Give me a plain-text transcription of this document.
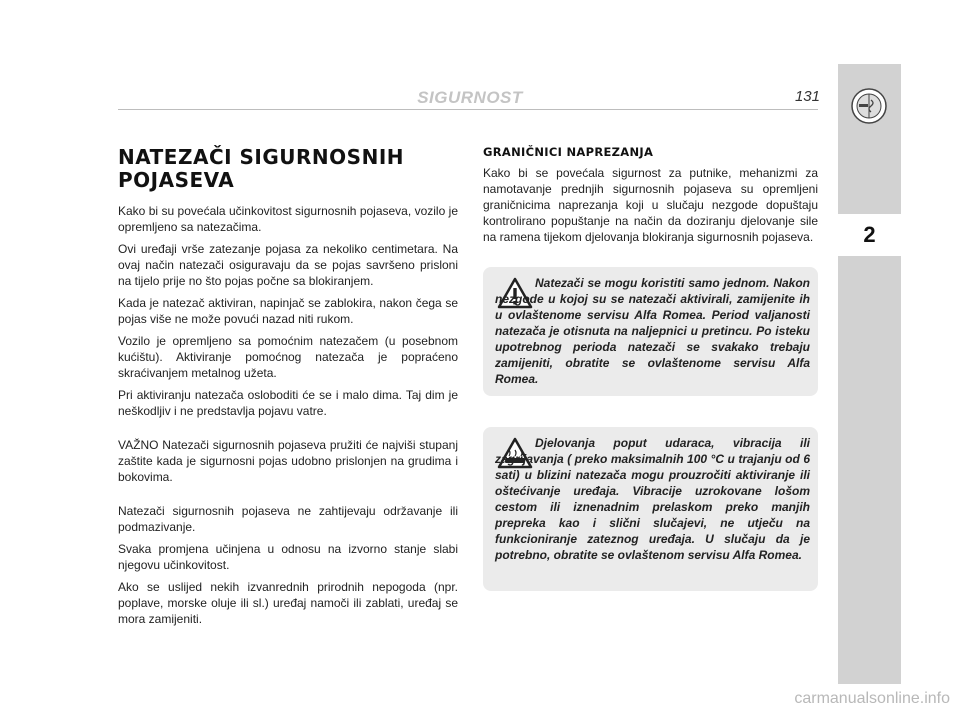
SIGURNOST	131
2
NATEZAČI SIGURNOSNIH POJASEVA

Kako bi su povećala učinkovitost sigurnosnih pojaseva, vozilo je opremljeno sa natezačima.

Ovi uređaji vrše zatezanje pojasa za nekoliko centimetara. Na ovaj način natezači osiguravaju da se pojas savršeno prisloni na tijelo prije no što pojas počne sa blokiranjem.

Kada je natezač aktiviran, napinjač se zablokira, nakon čega se pojas više ne može povući nazad niti rukom.

Vozilo je opremljeno sa pomoćnim natezačem (u posebnom kućištu). Aktiviranje pomoćnog natezača je popraćeno skraćivanjem metalnog užeta.

Pri aktiviranju natezača osloboditi će se i malo dima. Taj dim je neškodljiv i ne predstavlja pojavu vatre.

VAŽNO Natezači sigurnosnih pojaseva pružiti će najviši stupanj zaštite kada je sigurnosni pojas udobno prislonjen na grudima i bokovima.

Natezači sigurnosnih pojaseva ne zahtijevaju održavanje ili podmazivanje.

Svaka promjena učinjena u odnosu na izvorno stanje slabi njegovu učinkovitost.

Ako se uslijed nekih izvanrednih prirodnih nepogoda (npr. poplave, morske oluje ili sl.) uređaj namoči ili zablati, uređaj se mora zamijeniti.

GRANIČNICI NAPREZANJA

Kako bi se povećala sigurnost za putnike, mehanizmi za namotavanje prednjih sigurnosnih pojaseva su opremljeni graničnicima naprezanja koji u slučaju nezgode dopuštaju kontrolirano popuštanje na način da doziranju djelovanje sile na ramena tijekom djelovanja blokiranja sigurnosnih pojaseva.

Natezači se mogu koristiti samo jednom. Nakon nezgode u kojoj su se natezači aktivirali, zamijenite ih u ovlaštenome servisu Alfa Romea. Period valjanosti natezača je otisnuta na naljepnici u pretincu. Po isteku upotrebnog perioda natezači se svakako trebaju zamijeniti, obratite se ovlaštenome servisu Alfa Romea.
Djelovanja poput udaraca, vibracija ili zagrijavanja ( preko maksimalnih 100 °C u trajanju od 6 sati) u blizini natezača mogu prouzročiti aktiviranje ili oštećivanje uređaja. Vibracije uzrokovane lošom cestom ili iznenadnim prelaskom preko manjih prepreka kao i slični slučajevi, ne utječu na funkcioniranje zateznog uređaja. U slučaju da je potrebno, obratite se ovlaštenom servisu Alfa Romea.
carmanualsonline.info
